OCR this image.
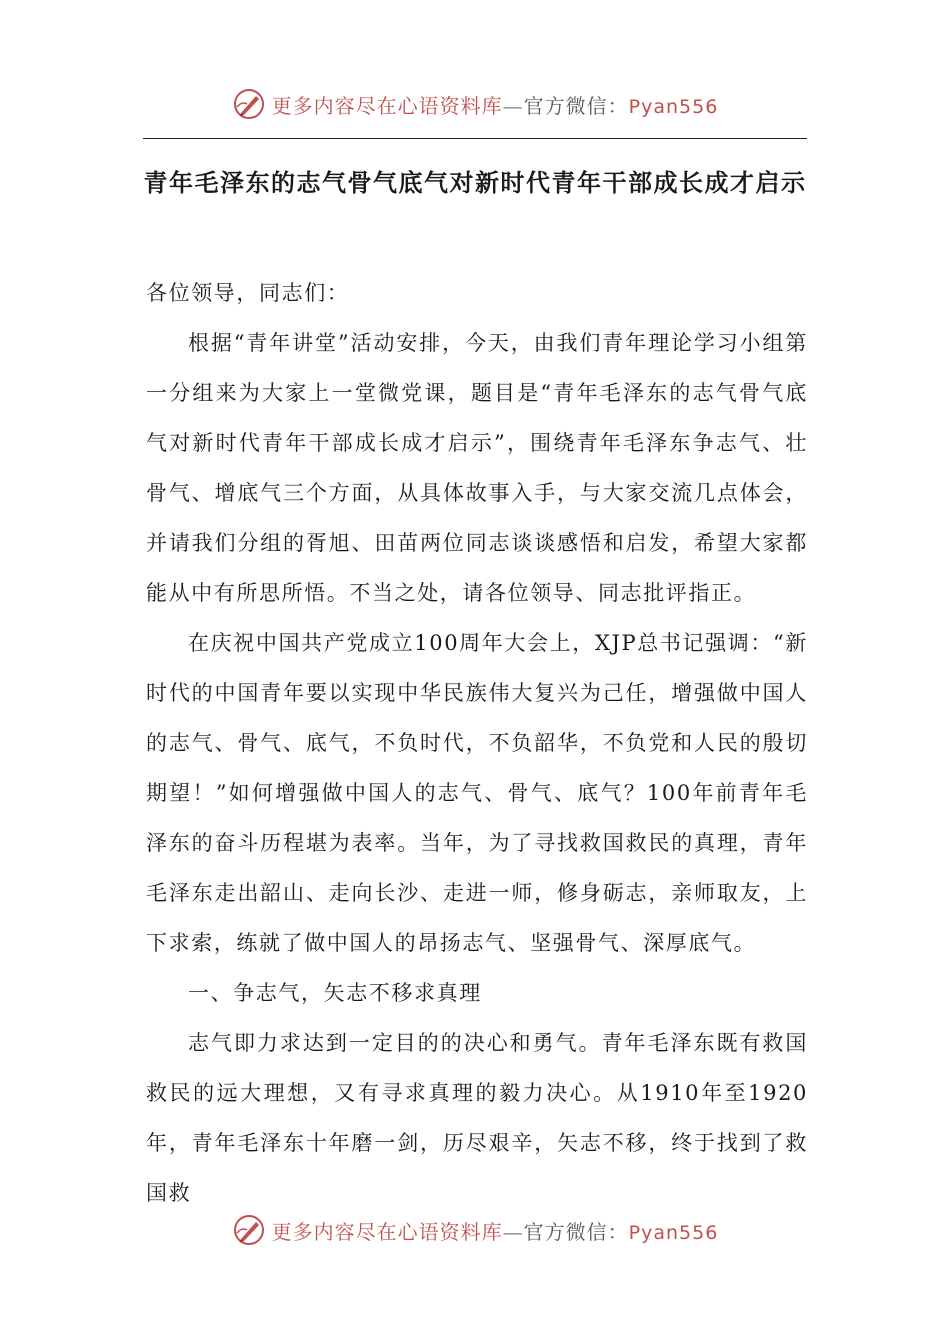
更多内容尽在心语资料库—官方微信：Pyan556
青年毛泽东的志气骨气底气对新时代青年干部成长成才启示

各位领导，同志们：

根据“青年讲堂”活动安排，今天，由我们青年理论学习小组第一分组来为大家上一堂微党课，题目是“青年毛泽东的志气骨气底气对新时代青年干部成长成才启示”，围绕青年毛泽东争志气、壮骨气、增底气三个方面，从具体故事入手，与大家交流几点体会，并请我们分组的胥旭、田苗两位同志谈谈感悟和启发，希望大家都能从中有所思所悟。不当之处，请各位领导、同志批评指正。

在庆祝中国共产党成立100周年大会上，XJP总书记强调：“新时代的中国青年要以实现中华民族伟大复兴为己任，增强做中国人的志气、骨气、底气，不负时代，不负韶华，不负党和人民的殷切期望！”如何增强做中国人的志气、骨气、底气？100年前青年毛泽东的奋斗历程堪为表率。当年，为了寻找救国救民的真理，青年毛泽东走出韶山、走向长沙、走进一师，修身砺志，亲师取友，上下求索，练就了做中国人的昂扬志气、坚强骨气、深厚底气。

一、争志气，矢志不移求真理

志气即力求达到一定目的的决心和勇气。青年毛泽东既有救国救民的远大理想，又有寻求真理的毅力决心。从1910年至1920年，青年毛泽东十年磨一剑，历尽艰辛，矢志不移，终于找到了救国救

更多内容尽在心语资料库—官方微信：Pyan556
